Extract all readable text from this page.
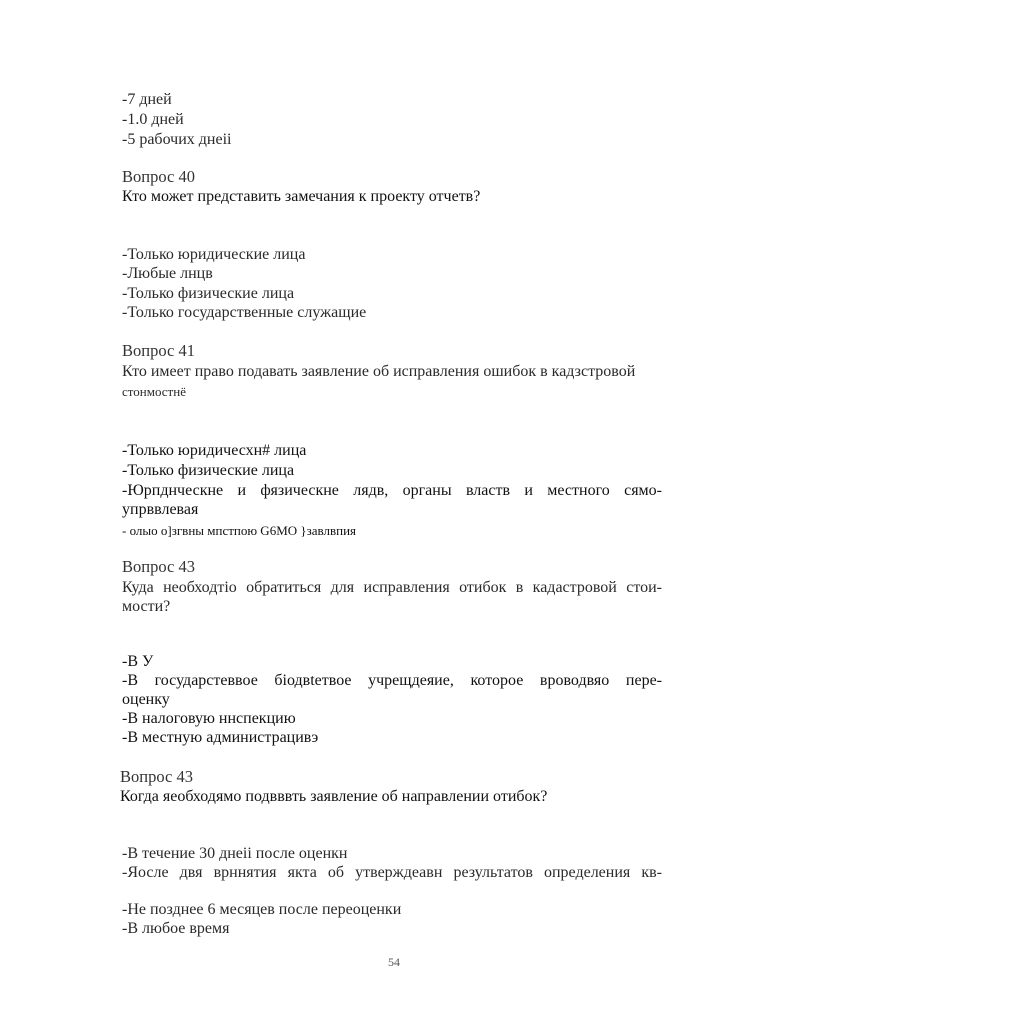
-7 дней
-1.0 дней
-5 рабочих днеii
Вопрос 40
Кто может представить замечания к проекту отчетв?
-Только юридические лица
-Любые лнцв
-Только физические лица
-Только государственные служащие
Вопрос 41
Кто имеет право подавать заявление об исправления ошибок в кадзстровой
стонмостнё
-Только юридичесхн# лица
-Только физические лица
-Юрпднческне и фязическне лядв, органы властв и местного сямо-
упрввлевая
- олыo o]згвны мпстпою G6МO }зaвлвпия
Вопрос 43
Куда необходтio обратиться для исправления отибок в кадастровой стои-
мости?
-В У
-В государстеввое біодвtетвое учрещдеяие, которое вроводвяо пере-
оценку
-В налоговую ннспекцию
-В местную администрацивэ
Вопрос 43
Когда яеобходямо подвввть заявление об направлении отибок?
-В течение 30 днеii после оценкн
-Яосле двя врннятия якта об утверждеавн результатов определения кв-
-Не позднее 6 месяцев после переоценки
-В любое время
54
